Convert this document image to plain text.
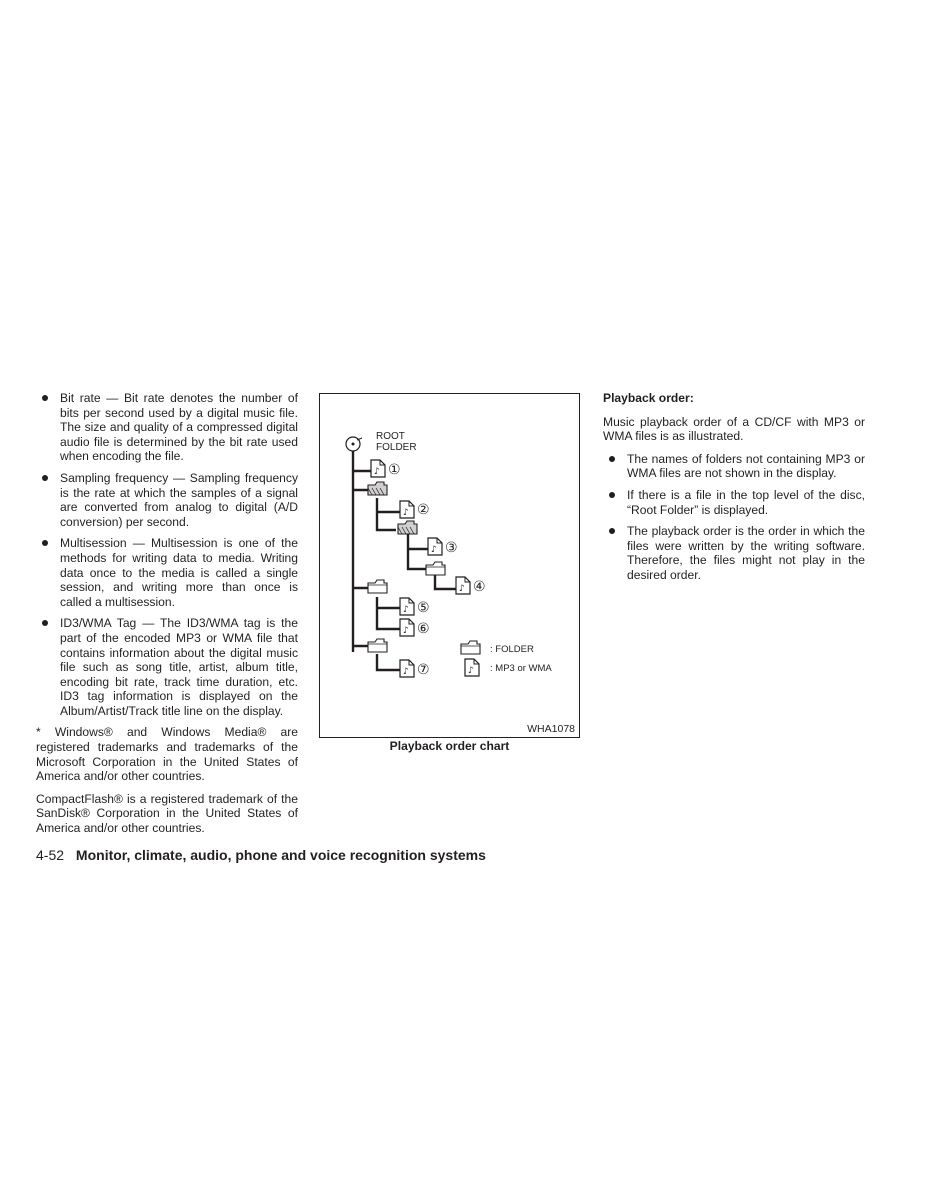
Bit rate — Bit rate denotes the number of bits per second used by a digital music file. The size and quality of a compressed digital audio file is determined by the bit rate used when encoding the file.
Sampling frequency — Sampling frequency is the rate at which the samples of a signal are converted from analog to digital (A/D conversion) per second.
Multisession — Multisession is one of the methods for writing data to media. Writing data once to the media is called a single session, and writing more than once is called a multisession.
ID3/WMA Tag — The ID3/WMA tag is the part of the encoded MP3 or WMA file that contains information about the digital music file such as song title, artist, album title, encoding bit rate, track time duration, etc. ID3 tag information is displayed on the Album/Artist/Track title line on the display.

* Windows® and Windows Media® are registered trademarks and trademarks of the Microsoft Corporation in the United States of America and/or other countries.

CompactFlash® is a registered trademark of the SanDisk® Corporation in the United States of America and/or other countries.

♪
ROOT
FOLDER
①
②
③
④
⑤
⑥
⑦
: FOLDER
: MP3 or WMA
WHA1078
Playback order chart
Playback order:

Music playback order of a CD/CF with MP3 or WMA files is as illustrated.

The names of folders not containing MP3 or WMA files are not shown in the display.
If there is a file in the top level of the disc, “Root Folder” is displayed.
The playback order is the order in which the files were written by the writing software. Therefore, the files might not play in the desired order.
4-52 Monitor, climate, audio, phone and voice recognition systems
